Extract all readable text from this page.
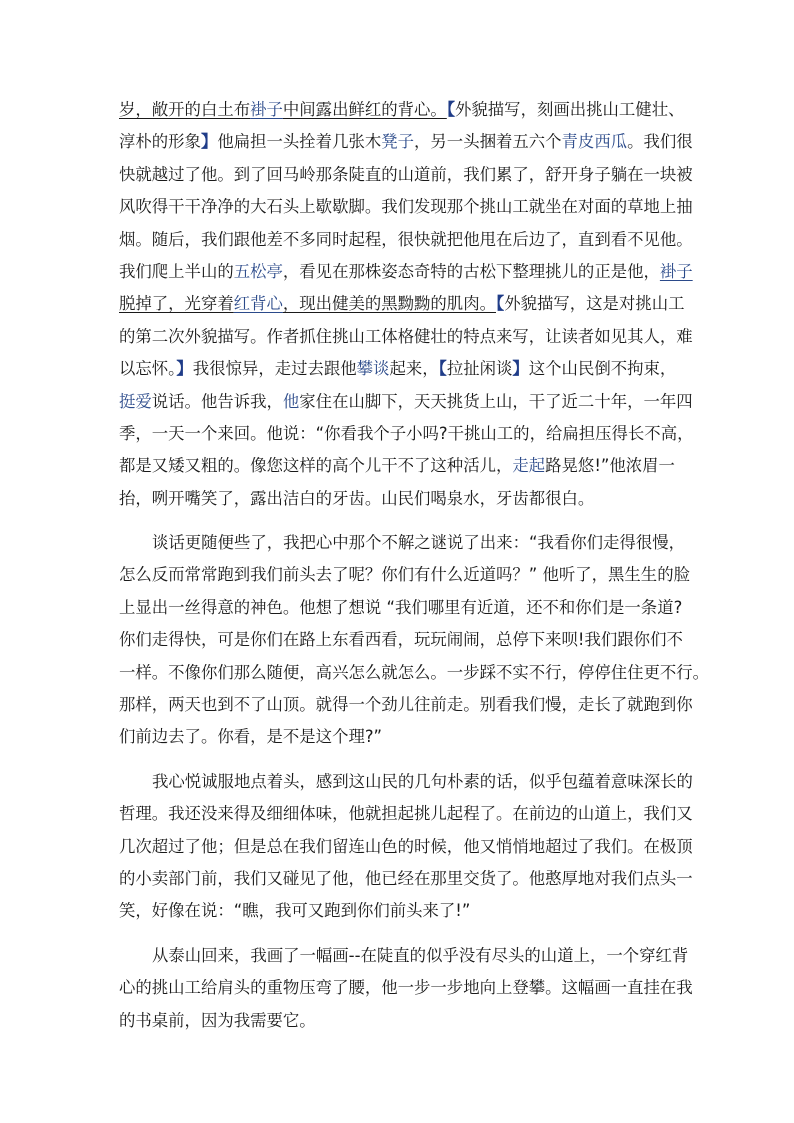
岁，敞开的白土布褂子中间露出鲜红的背心。【外貌描写，刻画出挑山工健壮、
淳朴的形象】他扁担一头拴着几张木凳子，另一头捆着五六个青皮西瓜。我们很
快就越过了他。到了回马岭那条陡直的山道前，我们累了，舒开身子躺在一块被
风吹得干干净净的大石头上歇歇脚。我们发现那个挑山工就坐在对面的草地上抽
烟。随后，我们跟他差不多同时起程，很快就把他甩在后边了，直到看不见他。
我们爬上半山的五松亭，看见在那株姿态奇特的古松下整理挑儿的正是他，褂子
脱掉了，光穿着红背心，现出健美的黑黝黝的肌肉。【外貌描写，这是对挑山工
的第二次外貌描写。作者抓住挑山工体格健壮的特点来写，让读者如见其人，难
以忘怀。】我很惊异，走过去跟他攀谈起来，【拉扯闲谈】这个山民倒不拘束，
挺爱说话。他告诉我，他家住在山脚下，天天挑货上山，干了近二十年，一年四
季，一天一个来回。他说：“你看我个子小吗?干挑山工的，给扁担压得长不高，
都是又矮又粗的。像您这样的高个儿干不了这种活儿，走起路晃悠!”他浓眉一
抬，咧开嘴笑了，露出洁白的牙齿。山民们喝泉水，牙齿都很白。
谈话更随便些了，我把心中那个不解之谜说了出来：“我看你们走得很慢，
怎么反而常常跑到我们前头去了呢？你们有什么近道吗？” 他听了，黑生生的脸
上显出一丝得意的神色。他想了想说 “我们哪里有近道，还不和你们是一条道?
你们走得快，可是你们在路上东看西看，玩玩闹闹，总停下来呗!我们跟你们不
一样。不像你们那么随便，高兴怎么就怎么。一步踩不实不行，停停住住更不行。
那样，两天也到不了山顶。就得一个劲儿往前走。别看我们慢，走长了就跑到你
们前边去了。你看，是不是这个理?”
我心悦诚服地点着头，感到这山民的几句朴素的话，似乎包蕴着意味深长的
哲理。我还没来得及细细体味，他就担起挑儿起程了。在前边的山道上，我们又
几次超过了他；但是总在我们留连山色的时候，他又悄悄地超过了我们。在极顶
的小卖部门前，我们又碰见了他，他已经在那里交货了。他憨厚地对我们点头一
笑，好像在说：“瞧，我可又跑到你们前头来了!”
从泰山回来，我画了一幅画--在陡直的似乎没有尽头的山道上，一个穿红背
心的挑山工给肩头的重物压弯了腰，他一步一步地向上登攀。这幅画一直挂在我
的书桌前，因为我需要它。
